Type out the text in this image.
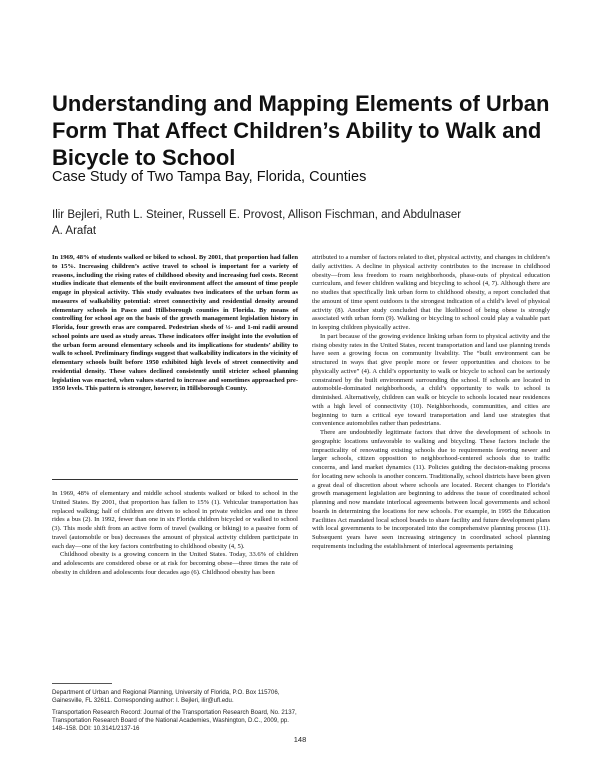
Understanding and Mapping Elements of Urban Form That Affect Children’s Ability to Walk and Bicycle to School
Case Study of Two Tampa Bay, Florida, Counties
Ilir Bejleri, Ruth L. Steiner, Russell E. Provost, Allison Fischman, and Abdulnaser A. Arafat

In 1969, 48% of students walked or biked to school. By 2001, that proportion had fallen to 15%. Increasing children’s active travel to school is important for a variety of reasons, including the rising rates of childhood obesity and increasing fuel costs. Recent studies indicate that elements of the built environment affect the amount of time people engage in physical activity. This study evaluates two indicators of the urban form as measures of walkability potential: street connectivity and residential density around elementary schools in Pasco and Hillsborough counties in Florida. By means of controlling for school age on the basis of the growth management legislation history in Florida, four growth eras are compared. Pedestrian sheds of ½- and 1-mi radii around school points are used as study areas. These indicators offer insight into the evolution of the urban form around elementary schools and its implications for students’ ability to walk to school. Preliminary findings suggest that walkability indicators in the vicinity of elementary schools built before 1950 exhibited high levels of street connectivity and residential density. These values declined consistently until stricter school planning legislation was enacted, when values started to increase and sometimes approached pre-1950 levels. This pattern is stronger, however, in Hillsborough County.

In 1969, 48% of elementary and middle school students walked or biked to school in the United States. By 2001, that proportion has fallen to 15% (1). Vehicular transportation has replaced walking; half of children are driven to school in private vehicles and one in three rides a bus (2). In 1992, fewer than one in six Florida children bicycled or walked to school (3). This mode shift from an active form of travel (walking or biking) to a passive form of travel (automobile or bus) decreases the amount of physical activity children participate in each day—one of the key factors contributing to childhood obesity (4, 5).

Childhood obesity is a growing concern in the United States. Today, 33.6% of children and adolescents are considered obese or at risk for becoming obese—three times the rate of obesity in children and adolescents four decades ago (6). Childhood obesity has been

attributed to a number of factors related to diet, physical activity, and changes in children’s daily activities. A decline in physical activity contributes to the increase in childhood obesity—from less freedom to roam neighborhoods, phase-outs of physical education curriculum, and fewer children walking and bicycling to school (4, 7). Although there are no studies that specifically link urban form to childhood obesity, a report concluded that the amount of time spent outdoors is the strongest indication of a child’s level of physical activity (8). Another study concluded that the likelihood of being obese is strongly associated with urban form (9). Walking or bicycling to school could play a valuable part in keeping children physically active.

In part because of the growing evidence linking urban form to physical activity and the rising obesity rates in the United States, recent transportation and land use planning trends have seen a growing focus on community livability. The “built environment can be structured in ways that give people more or fewer opportunities and choices to be physically active” (4). A child’s opportunity to walk or bicycle to school can be seriously constrained by the built environment surrounding the school. If schools are located in automobile-dominated neighborhoods, a child’s opportunity to walk to school is diminished. Alternatively, children can walk or bicycle to schools located near residences with a high level of connectivity (10). Neighborhoods, communities, and cities are beginning to turn a critical eye toward transportation and land use strategies that convenience automobiles rather than pedestrians.

There are undoubtedly legitimate factors that drive the development of schools in geographic locations unfavorable to walking and bicycling. These factors include the impracticality of renovating existing schools due to requirements favoring newer and larger schools, citizen opposition to neighborhood-centered schools due to traffic concerns, and land market dynamics (11). Policies guiding the decision-making process for locating new schools is another concern. Traditionally, school districts have been given a great deal of discretion about where schools are located. Recent changes to Florida’s growth management legislation are beginning to address the issue of coordinated school planning and now mandate interlocal agreements between local governments and school boards in determining the locations for new schools. For example, in 1995 the Education Facilities Act mandated local school boards to share facility and future development plans with local governments to be incorporated into the comprehensive planning process (11). Subsequent years have seen increasing stringency in coordinated school planning requirements including the establishment of interlocal agreements pertaining

Department of Urban and Regional Planning, University of Florida, P.O. Box 115706, Gainesville, FL 32611. Corresponding author: I. Bejleri, ilir@ufl.edu.

Transportation Research Record: Journal of the Transportation Research Board, No. 2137, Transportation Research Board of the National Academies, Washington, D.C., 2009, pp. 148–158. DOI: 10.3141/2137-16

148
